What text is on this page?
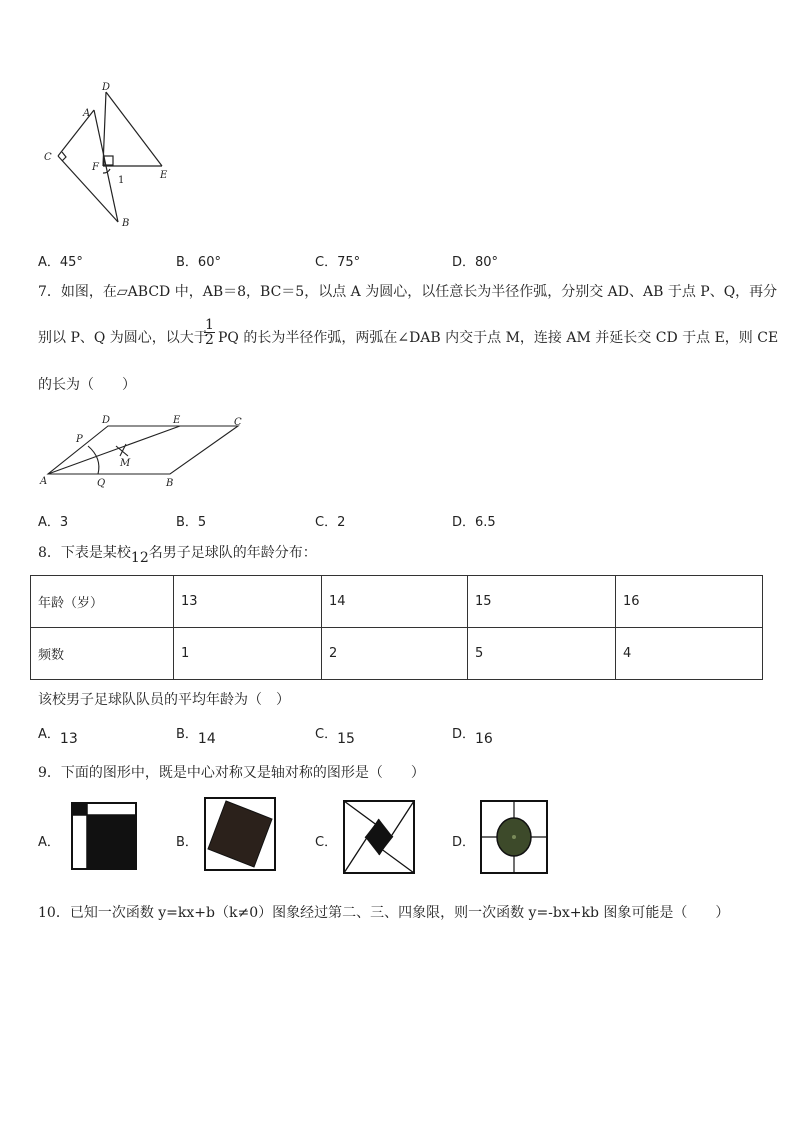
A
D
C
F
1	E
B
A．45°	B．60°	C．75°	D．80°
7．如图，在▱ABCD 中，AB＝8，BC＝5，以点 A 为圆心，以任意长为半径作弧，分别交 AD、AB 于点 P、Q，再分
别以 P、Q 为圆心，以大于
$\frac{1}{2}$ PQ 的长为半径作弧，两弧在∠DAB 内交于点 M，连接 AM 并延长交 CD 于点 E，则 CE
的长为（　　）
D	E	C
P
M
A	Q	B
A．3	B．5	C．2	D．6.5
8．下表是某校12名男子足球队的年龄分布：
年龄（岁）	13	14	15	16
频数	1	2	5	4
该校男子足球队队员的平均年龄为（　）
A．13	B．14	C．15	D．16
9．下面的图形中，既是中心对称又是轴对称的图形是（　　）
A．	B．	C．	D．
10．已知一次函数 y=kx+b（k≠0）图象经过第二、三、四象限，则一次函数 y=-bx+kb 图象可能是（　　）
